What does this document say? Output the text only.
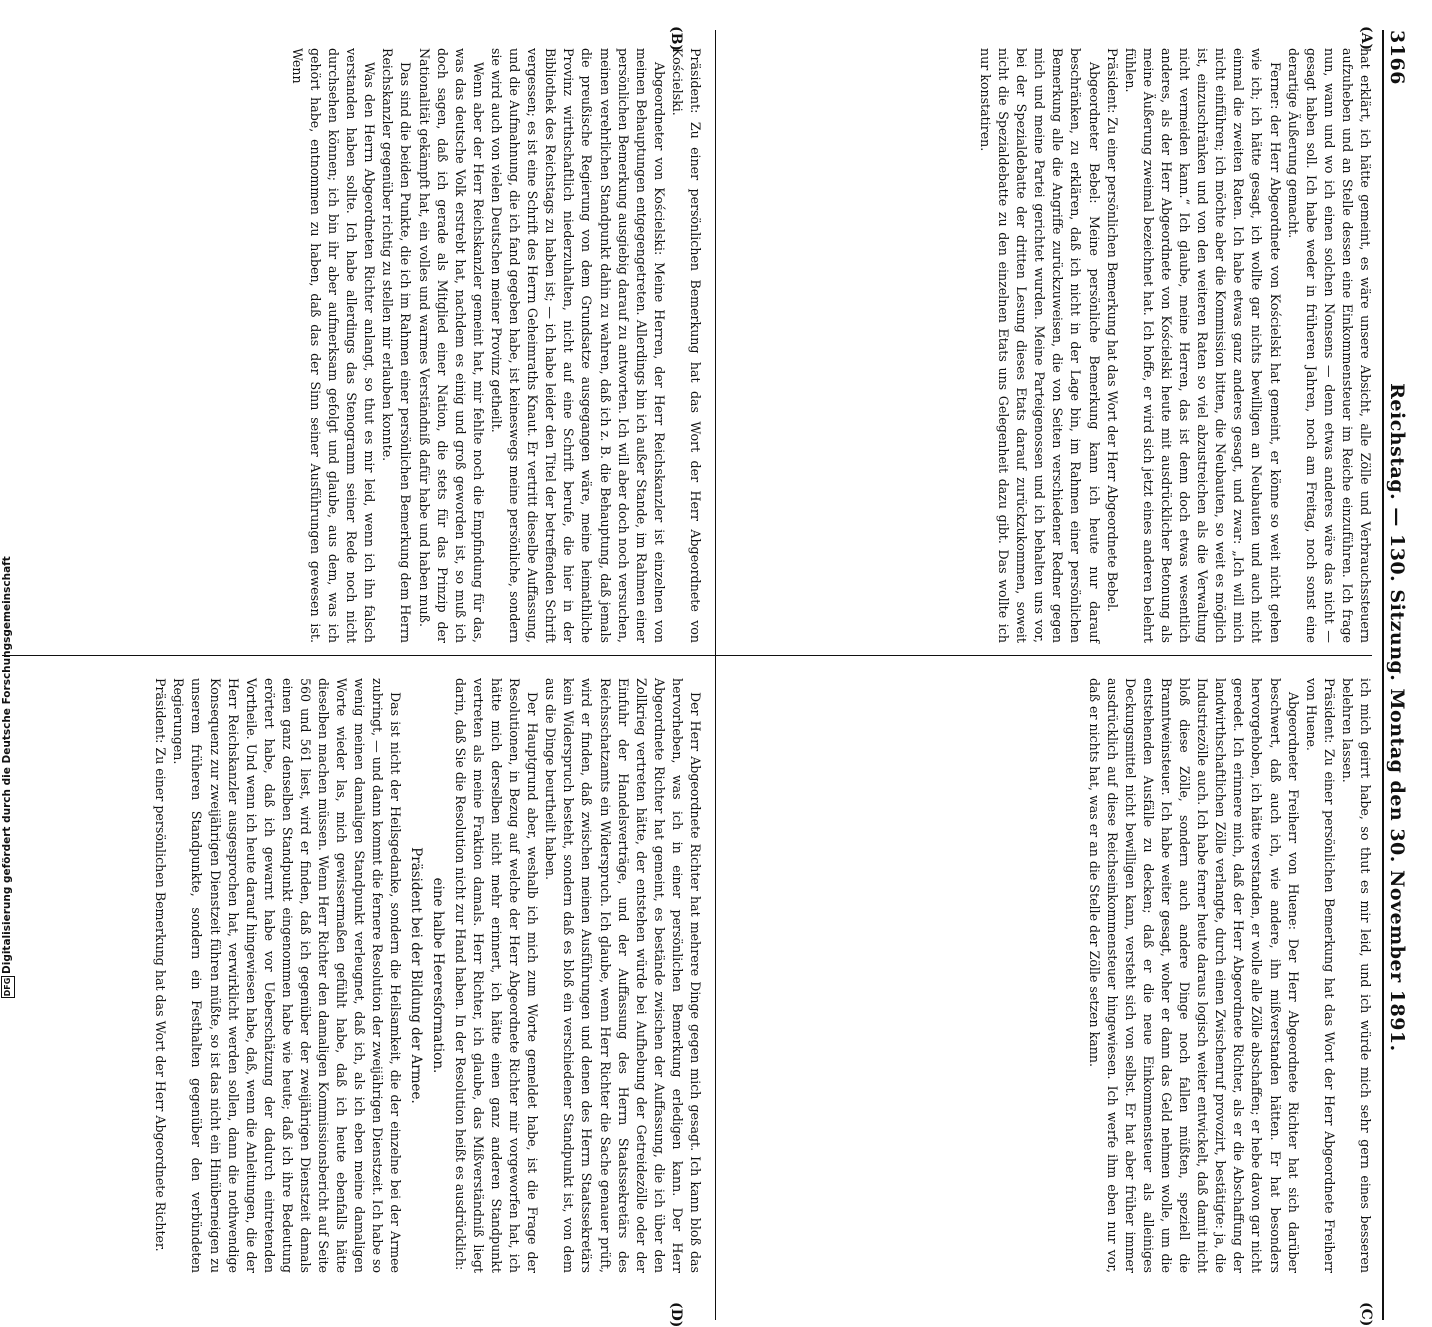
3166
Reichstag. — 130. Sitzung. Montag den 30. November 1891.
(A)
(B)
(C)
(D)

hat erklärt, ich hätte gemeint, es wäre unsere Absicht, alle Zölle und Verbrauchssteuern aufzuheben und an Stelle dessen eine Einkommensteuer im Reiche einzuführen. Ich frage nun, wann und wo ich einen solchen Nonsens — denn etwas anderes wäre das nicht — gesagt haben soll. Ich habe weder in früheren Jahren, noch am Freitag, noch sonst eine derartige Äußerung gemacht.

Ferner: der Herr Abgeordnete von Kościelski hat gemeint, er könne so weit nicht gehen wie ich; ich hätte gesagt, ich wollte gar nichts bewilligen an Neubauten und auch nicht einmal die zweiten Raten. Ich habe etwas ganz anderes gesagt, und zwar: „Ich will mich nicht einführen; ich möchte aber die Kommission bitten, die Neubauten, so weit es möglich ist, einzuschränken und von den weiteren Raten so viel abzustreichen als die Verwaltung nicht vermeiden kann.“ Ich glaube, meine Herren, das ist denn doch etwas wesentlich anderes, als der Herr Abgeordnete von Kościelski heute mit ausdrücklicher Betonung als meine Äußerung zweimal bezeichnet hat. Ich hoffe, er wird sich jetzt eines anderen belehrt fühlen.

Präsident: Zu einer persönlichen Bemerkung hat das Wort der Herr Abgeordnete Bebel.

Abgeordneter Bebel: Meine persönliche Bemerkung kann ich heute nur darauf beschränken, zu erklären, daß ich nicht in der Lage bin, im Rahmen einer persönlichen Bemerkung alle die Angriffe zurückzuweisen, die von Seiten verschiedener Redner gegen mich und meine Partei gerichtet wurden. Meine Parteigenossen und ich behalten uns vor, bei der Spezialdebatte der dritten Lesung dieses Etats darauf zurückzukommen, soweit nicht die Spezialdebatte zu den einzelnen Etats uns Gelegenheit dazu gibt. Das wollte ich nur konstatiren.

ich mich geirrt habe, so thut es mir leid, und ich würde mich sehr gern eines besseren belehren lassen.

Präsident: Zu einer persönlichen Bemerkung hat das Wort der Herr Abgeordnete Freiherr von Huene.

Abgeordneter Freiherr von Huene: Der Herr Abgeordnete Richter hat sich darüber beschwert, daß auch ich, wie andere, ihn mißverstanden hätten. Er hat besonders hervorgehoben, ich hätte verstanden, er wolle alle Zölle abschaffen; er hebe davon gar nicht geredet. Ich erinnere mich, daß der Herr Abgeordnete Richter, als er die Abschaffung der landwirthschaftlichen Zölle verlangte, durch einen Zwischenruf provozirt, bestätigte: ja, die Industriezölle auch. Ich habe ferner heute daraus logisch weiter entwickelt, daß damit nicht bloß diese Zölle, sondern auch andere Dinge noch fallen müßten, speziell die Branntweinsteuer. Ich habe weiter gesagt, woher er dann das Geld nehmen wolle, um die entstehenden Ausfälle zu decken; daß er die neue Einkommensteuer als alleiniges Deckungsmittel nicht bewilligen kann, versteht sich von selbst. Er hat aber früher immer ausdrücklich auf diese Reichseinkommensteuer hingewiesen. Ich werfe ihm eben nur vor, daß er nichts hat, was er an die Stelle der Zölle setzen kann.

Präsident: Zu einer persönlichen Bemerkung hat das Wort der Herr Abgeordnete von Kościelski.

Abgeordneter von Kościelski: Meine Herren, der Herr Reichskanzler ist einzelnen von meinen Behauptungen entgegengetreten. Allerdings bin ich außer Stande, im Rahmen einer persönlichen Bemerkung ausgiebig darauf zu antworten. Ich will aber doch noch versuchen, meinen verehrlichen Standpunkt dahin zu wahren, daß ich z. B. die Behauptung, daß jemals die preußische Regierung von dem Grundsatze ausgegangen wäre, meine heimathliche Provinz wirthschaftlich niederzuhalten, nicht auf eine Schrift berufe, die hier in der Bibliothek des Reichstags zu haben ist; — ich habe leider den Titel der betreffenden Schrift vergessen; es ist eine Schrift des Herrn Geheimraths Knaut. Er vertritt dieselbe Auffassung, und die Aufmahnung, die ich fand gegeben habe, ist keineswegs meine persönliche, sondern sie wird auch von vielen Deutschen meiner Provinz getheilt.

Wenn aber der Herr Reichskanzler gemeint hat, mir fehlte noch die Empfindung für das, was das deutsche Volk erstrebt hat, nachdem es einig und groß geworden ist, so muß ich doch sagen, daß ich gerade als Mitglied einer Nation, die stets für das Prinzip der Nationalität gekämpft hat, ein volles und warmes Verständniß dafür habe und haben muß.

Das sind die beiden Punkte, die ich im Rahmen einer persönlichen Bemerkung dem Herrn Reichskanzler gegenüber richtig zu stellen mir erlauben konnte.

Was den Herrn Abgeordneten Richter anlangt, so thut es mir leid, wenn ich ihn falsch verstanden haben sollte. Ich habe allerdings das Stenogramm seiner Rede noch nicht durchsehen können; ich bin ihr aber aufmerksam gefolgt und glaube, aus dem, was ich gehört habe, entnommen zu haben, daß das der Sinn seiner Ausführungen gewesen ist. Wenn

Der Herr Abgeordnete Richter hat mehrere Dinge gegen mich gesagt. Ich kann bloß das hervorheben, was ich in einer persönlichen Bemerkung erledigen kann. Der Herr Abgeordnete Richter hat gemeint, es bestände zwischen der Auffassung, die ich über den Zollkrieg vertreten hätte, der entstehen würde bei Aufhebung der Getreidezölle oder der Einfuhr der Handelsverträge, und der Auffassung des Herrn Staatssekretärs des Reichsschatzamts ein Widerspruch. Ich glaube, wenn Herr Richter die Sache genauer prüft, wird er finden, daß zwischen meinen Ausführungen und denen des Herrn Staatssekretärs kein Widerspruch besteht, sondern daß es bloß ein verschiedener Standpunkt ist, von dem aus die Dinge beurtheilt haben.

Der Hauptgrund aber, weshalb ich mich zum Worte gemeldet habe, ist die Frage der Resolutionen, in Bezug auf welche der Herr Abgeordnete Richter mir vorgeworfen hat, ich hätte mich derselben nicht mehr erinnert, ich hätte einen ganz anderen Standpunkt vertreten als meine Fraktion damals. Herr Richter, ich glaube, das Mißverständniß liegt darin, daß Sie die Resolution nicht zur Hand haben. In der Resolution heißt es ausdrücklich:

eine halbe Heeresformation.

Präsident bei der Bildung der Armee.

Das ist nicht der Heilsgedanke, sondern die Heilsamkeit, die der einzelne bei der Armee zubringt, — und dann kommt die fernere Resolution der zweijährigen Dienstzeit. Ich habe so wenig meinen damaligen Standpunkt verleugnet, daß ich, als ich eben meine damaligen Worte wieder las, mich gewissermaßen gefühlt habe, daß ich heute ebenfalls hätte dieselben machen müssen. Wenn Herr Richter den damaligen Kommissionsbericht auf Seite 560 und 561 liest, wird er finden, daß ich gegenüber der zweijährigen Dienstzeit damals einen ganz denselben Standpunkt eingenommen habe wie heute; daß ich ihre Bedeutung erörtert habe, daß ich gewarnt habe vor Ueberschätzung der dadurch eintretenden Vortheile. Und wenn ich heute darauf hingewiesen habe, daß, wenn die Anleitungen, die der Herr Reichskanzler ausgesprochen hat, verwirklicht werden sollen, dann die nothwendige Konsequenz zur zweijährigen Dienstzeit führen müßte, so ist das nicht ein Hinüberneigen zu unserem früheren Standpunkte, sondern ein Festhalten gegenüber den verbündeten Regierungen.

Präsident: Zu einer persönlichen Bemerkung hat das Wort der Herr Abgeordnete Richter.

Digitalisierung gefördert durch die Deutsche Forschungsgemeinschaft
DFG
